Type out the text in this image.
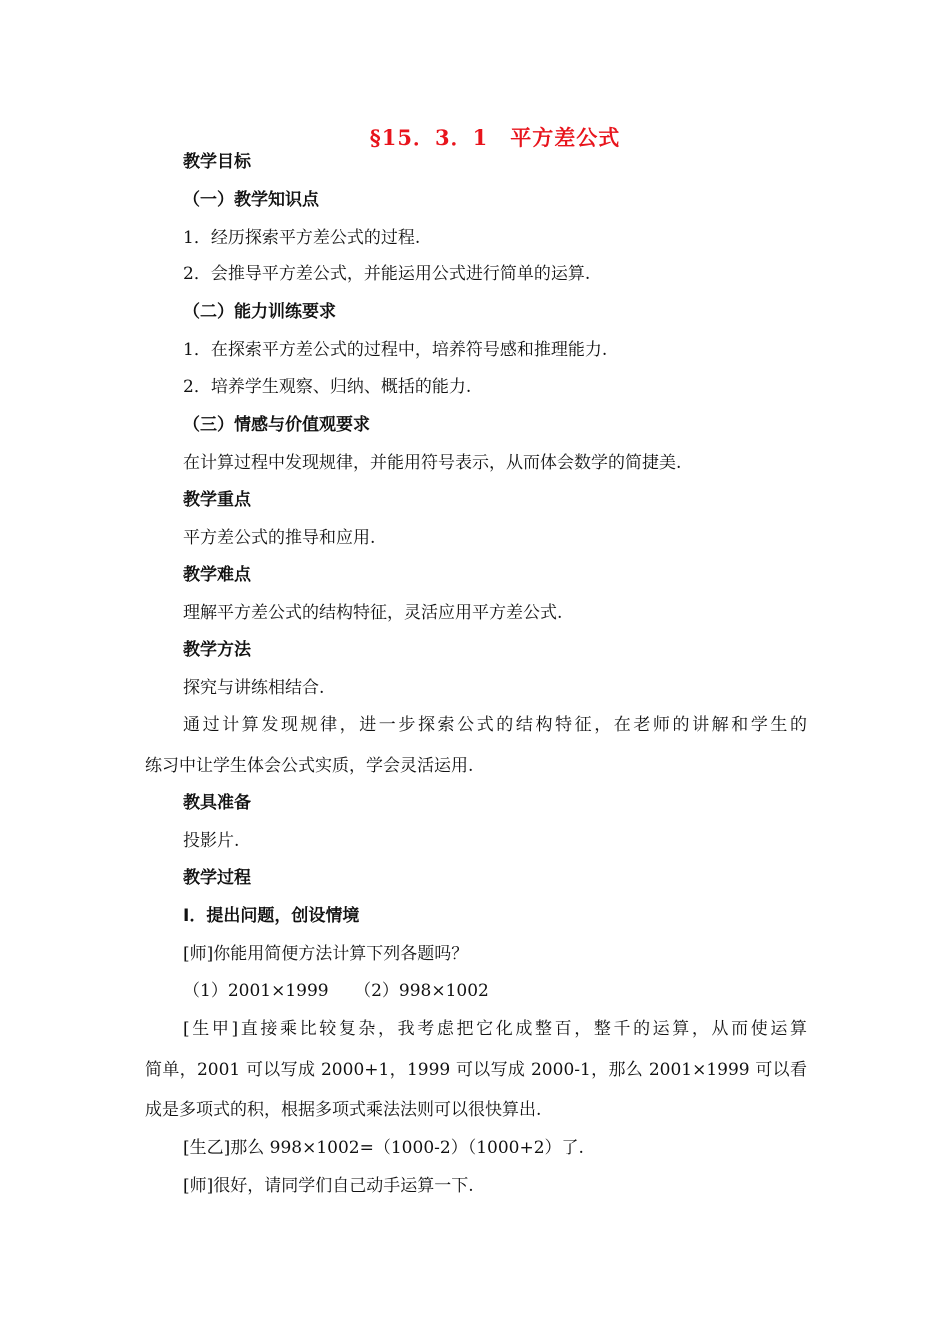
§15．3．1　平方差公式
教学目标
（一）教学知识点
1．经历探索平方差公式的过程.
2．会推导平方差公式，并能运用公式进行简单的运算.
（二）能力训练要求
1．在探索平方差公式的过程中，培养符号感和推理能力.
2．培养学生观察、归纳、概括的能力.
（三）情感与价值观要求
在计算过程中发现规律，并能用符号表示，从而体会数学的简捷美.
教学重点
平方差公式的推导和应用.
教学难点
理解平方差公式的结构特征，灵活应用平方差公式.
教学方法
探究与讲练相结合.
通过计算发现规律，进一步探索公式的结构特征，在老师的讲解和学生的
练习中让学生体会公式实质，学会灵活运用.
教具准备
投影片.
教学过程
Ⅰ．提出问题，创设情境
[师]你能用简便方法计算下列各题吗？
（1）2001×1999　　（2）998×1002
[生甲]直接乘比较复杂，我考虑把它化成整百，整千的运算，从而使运算
简单，2001 可以写成 2000+1，1999 可以写成 2000-1，那么 2001×1999 可以看
成是多项式的积，根据多项式乘法法则可以很快算出.
[生乙]那么 998×1002=（1000-2）（1000+2）了.
[师]很好，请同学们自己动手运算一下.
